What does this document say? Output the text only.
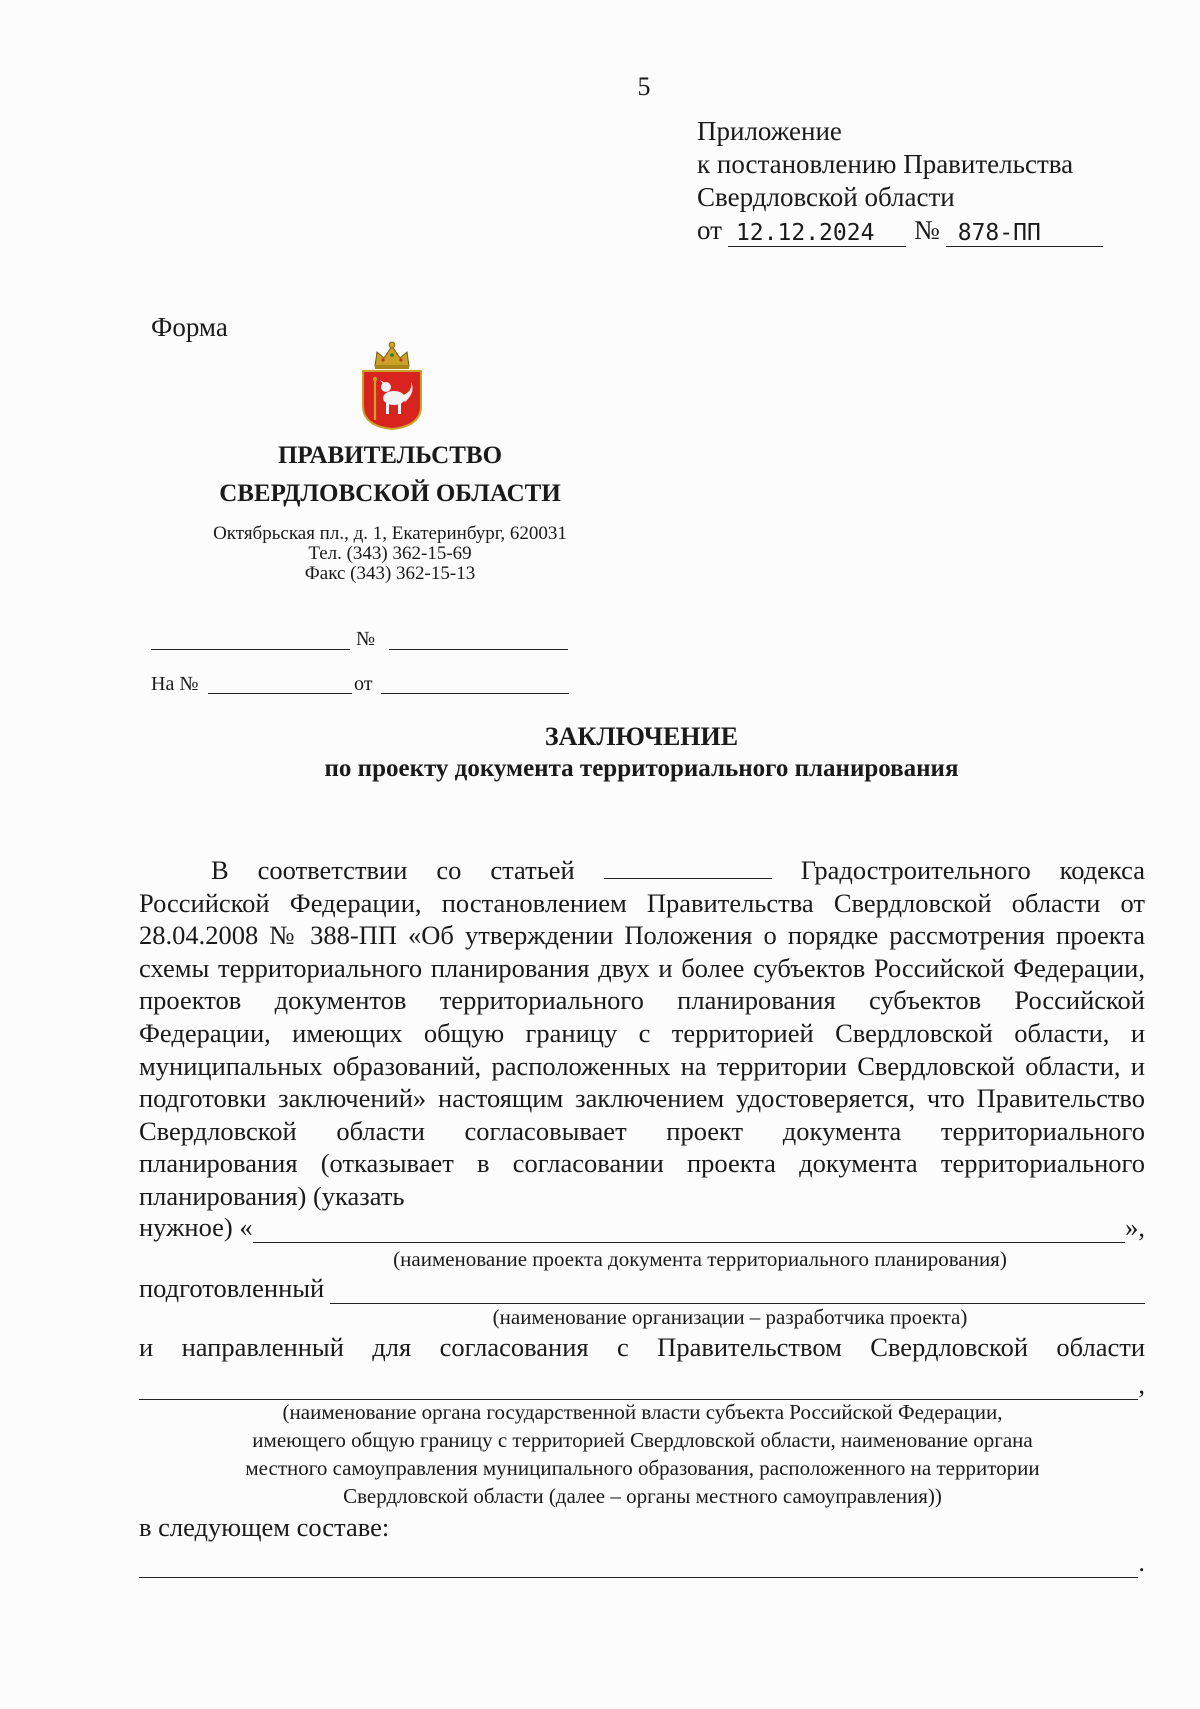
5
Приложение
к постановлению Правительства
Свердловской области
от 12.12.2024	№ 878-ПП
Форма
ПРАВИТЕЛЬСТВО
СВЕРДЛОВСКОЙ ОБЛАСТИ
Октябрьская пл., д. 1, Екатеринбург, 620031
Тел. (343) 362-15-69
Факс (343) 362-15-13
№
На №	от
ЗАКЛЮЧЕНИЕ
по проекту документа территориального планирования
В соответствии со статьей	Градостроительного кодекса Российской Федерации, постановлением Правительства Свердловской области от 28.04.2008 № 388-ПП «Об утверждении Положения о порядке рассмотрения проекта схемы территориального планирования двух и более субъектов Российской Федерации, проектов документов территориального планирования субъектов Российской Федерации, имеющих общую границу с территорией Свердловской области, и муниципальных образований, расположенных на территории Свердловской области, и подготовки заключений» настоящим заключением удостоверяется, что Правительство Свердловской области согласовывает проект документа территориального планирования (отказывает в согласовании проекта документа территориального планирования) (указать
нужное) «	»,
(наименование проекта документа территориального планирования)
подготовленный
(наименование организации – разработчика проекта)
и направленный для согласования с Правительством Свердловской области
,
(наименование органа государственной власти субъекта Российской Федерации,
имеющего общую границу с территорией Свердловской области, наименование органа
местного самоуправления муниципального образования, расположенного на территории
Свердловской области (далее – органы местного самоуправления))
в следующем составе:
.
